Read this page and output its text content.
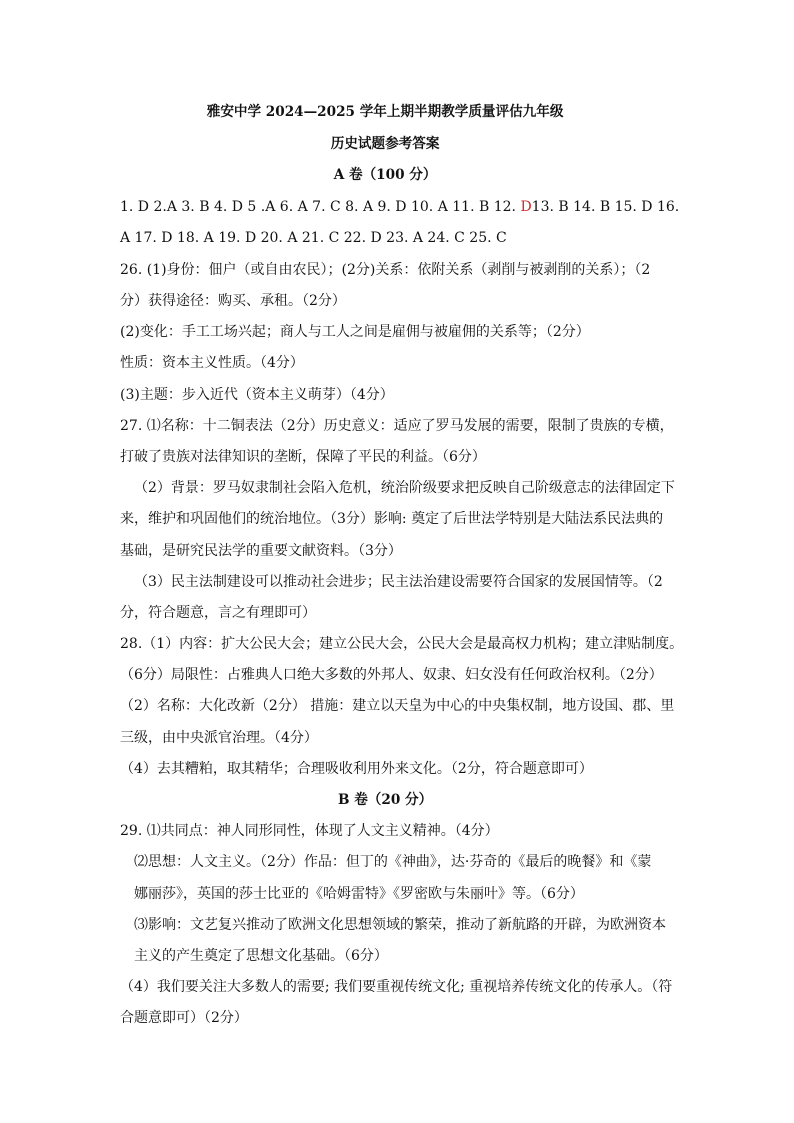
雅安中学 2024—2025 学年上期半期教学质量评估九年级
历史试题参考答案
A 卷（100 分）
1. D 2.A 3. B 4. D 5 .A 6. A 7. C 8. A 9. D 10. A 11. B 12. D13. B 14. B 15. D 16.
A 17. D 18. A 19. D 20. A 21. C 22. D 23. A 24. C 25. C
26. (1)身份：佃户（或自由农民）；(2分)关系：依附关系（剥削与被剥削的关系）；（2
分）获得途径：购买、承租。（2分）
(2)变化：手工工场兴起；商人与工人之间是雇佣与被雇佣的关系等；（2分）
性质：资本主义性质。（4分）
(3)主题：步入近代（资本主义萌芽）（4分）
27. ⑴名称：十二铜表法（2分）历史意义：适应了罗马发展的需要，限制了贵族的专横，
打破了贵族对法律知识的垄断，保障了平民的利益。（6分）
（2）背景：罗马奴隶制社会陷入危机，统治阶级要求把反映自己阶级意志的法律固定下
来，维护和巩固他们的统治地位。（3分）影响: 奠定了后世法学特别是大陆法系民法典的
基础，是研究民法学的重要文献资料。（3分）
（3）民主法制建设可以推动社会进步；民主法治建设需要符合国家的发展国情等。（2
分，符合题意，言之有理即可）
28.（1）内容：扩大公民大会；建立公民大会，公民大会是最高权力机构；建立津贴制度。
（6分）局限性：占雅典人口绝大多数的外邦人、奴隶、妇女没有任何政治权利。（2分）
（2）名称：大化改新（2分） 措施：建立以天皇为中心的中央集权制，地方设国、郡、里
三级，由中央派官治理。（4分）
（4）去其糟粕，取其精华；合理吸收利用外来文化。（2分，符合题意即可）
B 卷（20 分）
29. ⑴共同点：神人同形同性，体现了人文主义精神。（4分）
⑵思想：人文主义。（2分）作品：但丁的《神曲》，达·芬奇的《最后的晚餐》和《蒙
娜丽莎》，英国的莎士比亚的《哈姆雷特》《罗密欧与朱丽叶》等。（6分）
⑶影响：文艺复兴推动了欧洲文化思想领域的繁荣，推动了新航路的开辟，为欧洲资本
主义的产生奠定了思想文化基础。（6分）
（4）我们要关注大多数人的需要; 我们要重视传统文化; 重视培养传统文化的传承人。（符
合题意即可）（2分）
